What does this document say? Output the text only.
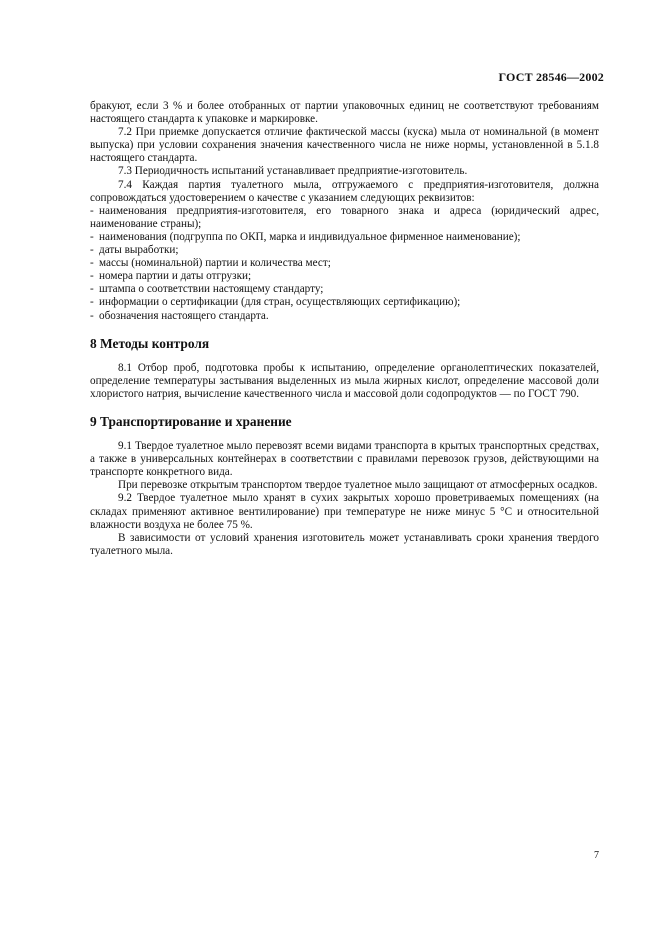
ГОСТ 28546—2002

бракуют, если 3 % и более отобранных от партии упаковочных единиц не соответствуют требованиям настоящего стандарта к упаковке и маркировке.

7.2 При приемке допускается отличие фактической массы (куска) мыла от номинальной (в момент выпуска) при условии сохранения значения качественного числа не ниже нормы, установленной в 5.1.8 настоящего стандарта.

7.3 Периодичность испытаний устанавливает предприятие-изготовитель.

7.4 Каждая партия туалетного мыла, отгружаемого с предприятия-изготовителя, должна сопровождаться удостоверением о качестве с указанием следующих реквизитов:

- наименования предприятия-изготовителя, его товарного знака и адреса (юридический адрес, наименование страны);
- наименования (подгруппа по ОКП, марка и индивидуальное фирменное наименование);
- даты выработки;
- массы (номинальной) партии и количества мест;
- номера партии и даты отгрузки;
- штампа о соответствии настоящему стандарту;
- информации о сертификации (для стран, осуществляющих сертификацию);
- обозначения настоящего стандарта.
8 Методы контроля

8.1 Отбор проб, подготовка пробы к испытанию, определение органолептических показателей, определение температуры застывания выделенных из мыла жирных кислот, определение массовой доли хлористого натрия, вычисление качественного числа и массовой доли содопродуктов — по ГОСТ 790.

9 Транспортирование и хранение

9.1 Твердое туалетное мыло перевозят всеми видами транспорта в крытых транспортных средствах, а также в универсальных контейнерах в соответствии с правилами перевозок грузов, действующими на транспорте конкретного вида.

При перевозке открытым транспортом твердое туалетное мыло защищают от атмосферных осадков.

9.2 Твердое туалетное мыло хранят в сухих закрытых хорошо проветриваемых помещениях (на складах применяют активное вентилирование) при температуре не ниже минус 5 °С и относительной влажности воздуха не более 75 %.

В зависимости от условий хранения изготовитель может устанавливать сроки хранения твердого туалетного мыла.

7
